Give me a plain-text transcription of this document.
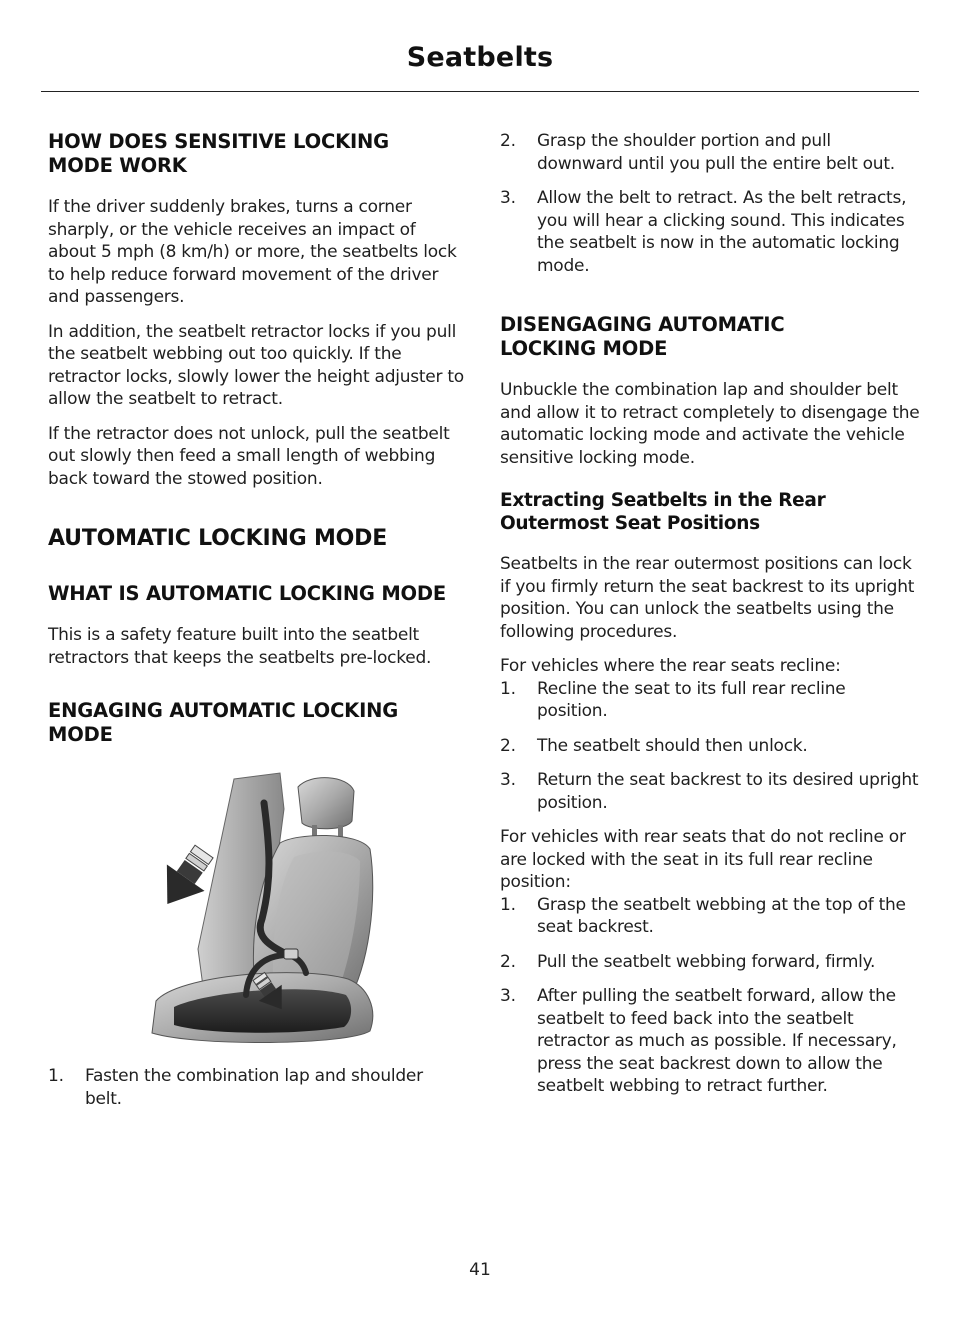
Seatbelts
HOW DOES SENSITIVE LOCKING MODE WORK

If the driver suddenly brakes, turns a corner sharply, or the vehicle receives an impact of about 5 mph (8 km/h) or more, the seatbelts lock to help reduce forward movement of the driver and passengers.

In addition, the seatbelt retractor locks if you pull the seatbelt webbing out too quickly. If the retractor locks, slowly lower the height adjuster to allow the seatbelt to retract.

If the retractor does not unlock, pull the seatbelt out slowly then feed a small length of webbing back toward the stowed position.

AUTOMATIC LOCKING MODE
WHAT IS AUTOMATIC LOCKING MODE

This is a safety feature built into the seatbelt retractors that keeps the seatbelts pre-locked.

ENGAGING AUTOMATIC LOCKING MODE
1. Fasten the combination lap and shoulder belt.
2. Grasp the shoulder portion and pull downward until you pull the entire belt out.
3. Allow the belt to retract. As the belt retracts, you will hear a clicking sound. This indicates the seatbelt is now in the automatic locking mode.
DISENGAGING AUTOMATIC LOCKING MODE

Unbuckle the combination lap and shoulder belt and allow it to retract completely to disengage the automatic locking mode and activate the vehicle sensitive locking mode.

Extracting Seatbelts in the Rear Outermost Seat Positions

Seatbelts in the rear outermost positions can lock if you firmly return the seat backrest to its upright position. You can unlock the seatbelts using the following procedures.

For vehicles where the rear seats recline:

1. Recline the seat to its full rear recline position.
2. The seatbelt should then unlock.
3. Return the seat backrest to its desired upright position.

For vehicles with rear seats that do not recline or are locked with the seat in its full rear recline position:

1. Grasp the seatbelt webbing at the top of the seat backrest.
2. Pull the seatbelt webbing forward, firmly.
3. After pulling the seatbelt forward, allow the seatbelt to feed back into the seatbelt retractor as much as possible. If necessary, press the seat backrest down to allow the seatbelt webbing to retract further.
41
